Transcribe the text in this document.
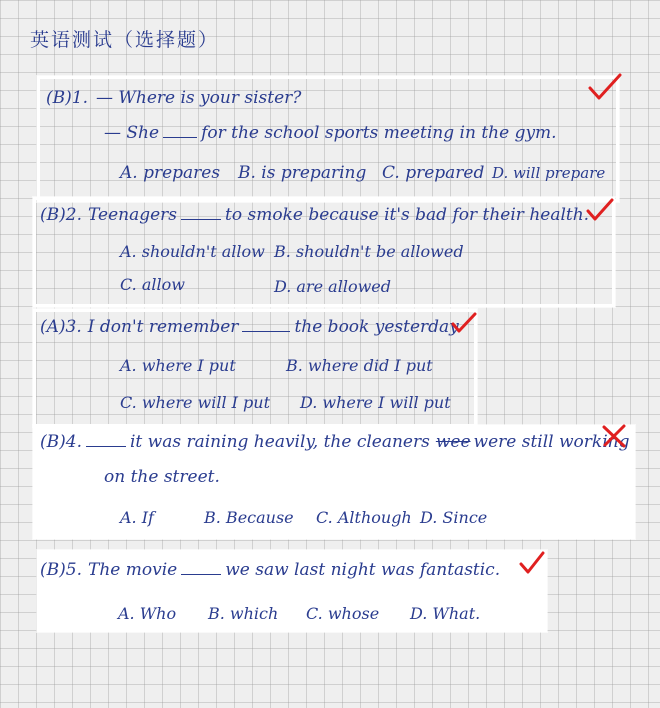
英语测试（选择题）
(B)1. — Where is your sister?
— She for the school sports meeting in the gym.
A. prepares B. is preparing C. prepared D. will prepare
(B)2. Teenagers	to smoke because it's bad for their health.
A. shouldn't allow B. shouldn't be allowed
C. allow	D. are allowed
(A)3. I don't remember	the book yesterday.
A. where I put	B. where did I put
C. where will I put D. where I will put
(B)4.	it was raining heavily, the cleaners wee were still working
on the street.
A. If	B. Because C. Although D. Since
(B)5. The movie	we saw last night was fantastic.
A. Who B. which C. whose D. What.
